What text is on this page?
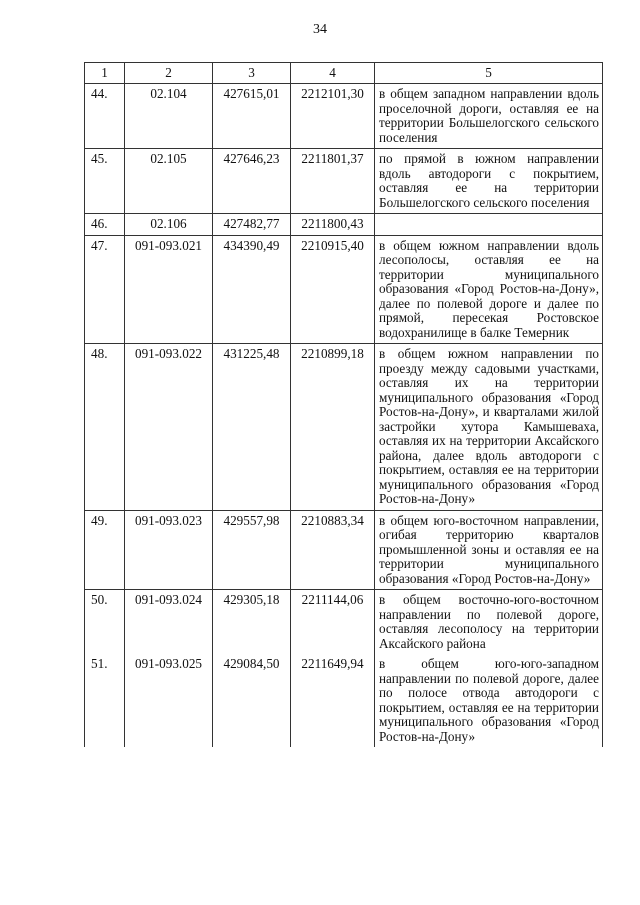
34
1	2	3	4	5
44.	02.104	427615,01	2212101,30	в общем западном направлении вдоль проселочной дороги, оставляя ее на территории Большелогского сельского поселения
45.	02.105	427646,23	2211801,37	по прямой в южном направлении вдоль автодороги с покрытием, оставляя ее на территории Большелогского сельского поселения
46.	02.106	427482,77	2211800,43	
47.	091-093.021	434390,49	2210915,40	в общем южном направлении вдоль лесополосы, оставляя ее на территории муниципального образования «Город Ростов-на-Дону», далее по полевой дороге и далее по прямой, пересекая Ростовское водохранилище в балке Темерник
48.	091-093.022	431225,48	2210899,18	в общем южном направлении по проезду между садовыми участками, оставляя их на территории муниципального образования «Город Ростов-на-Дону», и кварталами жилой застройки хутора Камышеваха, оставляя их на территории Аксайского района, далее вдоль автодороги с покрытием, оставляя ее на территории муниципального образования «Город Ростов-на-Дону»
49.	091-093.023	429557,98	2210883,34	в общем юго-восточном направлении, огибая территорию кварталов промышленной зоны и оставляя ее на территории муниципального образования «Город Ростов-на-Дону»
50.	091-093.024	429305,18	2211144,06	в общем восточно-юго-восточном направлении по полевой дороге, оставляя лесополосу на территории Аксайского района
51.	091-093.025	429084,50	2211649,94	в общем юго-юго-западном направлении по полевой дороге, далее по полосе отвода автодороги с покрытием, оставляя ее на территории муниципального образования «Город Ростов-на-Дону»
